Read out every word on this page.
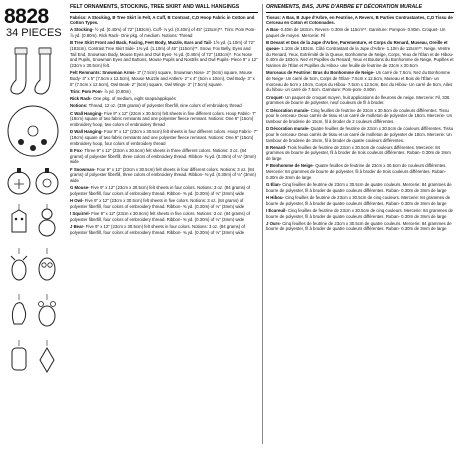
8828
34 PIECES
FELT ORNAMENTS, STOCKING, TREE SKIRT AND WALL HANGINGS
Fabrics: A Stocking, B Tree Skirt in Felt, A Cuff, B Contrast, C,D Hoop Fabric in Cotton and Cotton Types.
A Stocking- ½ yd. (0.40m) of 72" (183cm). Cuff- ⅛ yd. (0.40m) of 45" (115cm)**. Trim: Pom Pom- ⅞ yd. (0.80m). Rick Rack- One pkg. of medium. Notions: Thread
B Tree Skirt Front and Back, Facing, Feet Body, Muzzle, Ears and Tail- 1⅝ yd. (1.10m) of 72" (183cm). Contrast Tree Skirt Side- 1⅜ yd. (1.10m) of 45" (115cm)**. Snow, Fox Belly, Eyes and Tail End, Snowman Body, Mouse Eyes and Owl Eyes- ⅜ yd. (0.40m) of 72" (183cm)*. Fox Nose and Pupils, Snowman Eyes and Buttons, Mouse Pupils and Nostrils and Owl Pupils- Piece 9" x 12" (23cm x 30.5cm) felt.
Felt Remnants: Snowman Arms- 3" (7.5cm) square, Snowman Nose- 2" (5cm) square, Mouse Body- 3" x 5" (7.5cm x 12.5cm), Mouse Muzzle and Antlers- 2" x 4" (5cm x 10cm), Owl Body- 3" x 5" (7.5cm x 12.5cm), Owl Beak- 2" (5cm) square, Owl Wings- 3" (7.5cm) square.
Trim: Pom Pom- ⅞ yd. (0.80m)
Rick Rack- One pkg. of medium, eight snaps/appliqués
Notions: Thread, 12 oz. (336 grams) of polyester fiberfill, nine colors of embroidery thread
C Wall Hanging- Five 9" x 12" (23cm x 30.5cm) felt sheets in five different colors. Hoop Fabric- 7" (18cm) square of two fabric remnants and one polyester fleece remnant. Notions: One 6" (15cm) embroidery hoop, two colors of embroidery thread
D Wall Hanging- Four 9" x 12" (23cm x 30.5cm) felt sheets in four different colors. Hoop Fabric- 7" (18cm) square of two fabric remnants and one polyester fleece remnant. Notions: One 6" (15cm) embroidery hoop, four colors of embroidery thread
E Fox- Three 9" x 12" (23cm x 30.5cm) felt sheets in three different colors. Notions: 3 oz. (84 grams) of polyester fiberfill, three colors of embroidery thread. Ribbon- ⅜ yd. (0.30m) of ⅛" (3mm) wide
F Snowman- Four 9" x 12" (23cm x 30.5cm) felt sheets in four different colors. Notions: 3 oz. (84 grams) of polyester fiberfill, three colors of embroidery thread. Ribbon- ⅜ yd. (0.30m) of ⅛" (3mm) wide
G Mouse- Five 9" x 12" (23cm x 30.5cm) felt sheets in four colors. Notions: 3 oz. (84 grams) of polyester fiberfill, four colors of embroidery thread. Ribbon- ⅜ yd. (0.30m) of ⅛" (3mm) wide
H Owl- Five 9" x 12" (23cm x 30.5cm) felt sheets in five colors. Notions: 3 oz. (84 grams) of polyester fiberfill, four colors of embroidery thread. Ribbon- ⅜ yd. (0.30m) of ⅛" (3mm) wide
I Squirrel- Five 9" x 12" (23cm x 30.5cm) felt sheets in five colors. Notions: 3 oz. (84 grams) of polyester fiberfill, four colors of embroidery thread. Ribbon- ⅜ yd. (0.30m) of ⅛" (3mm) wide
J Bear- Five 9" x 12" (23cm x 30.5cm) felt sheets in four colors. Notions: 3 oz. (84 grams) of polyester fiberfill, four colors of embroidery thread. Ribbon- ⅜ yd. (0.30m) of ⅛" (3mm) wide
ORNEMENTS, BAS, JUPE D'ARBRE ET DÉCORATION MURALE
Tissus: A Bas, B Jupe d'Arbre, en Feutrine, A Revers, B Parties Contrastantes, C,D Tissu de Cerceau en Coton et Cotonnades.
A Bas- 0.40m de 183cm. Revers- 0.30m de 115cm**. Garniture: Pompon- 0.80m. Croquet- Un paquet de moyen. Mercerie: Fil
B Devant et Dos de la Jupe d'Arbre, Parementure, et Corps du Renard, Museau, Oreille et queue- 1.10m de 183cm. Côté Contrastant de la Jupe d'Arbre- 1.10m de 115cm**. Neige, Ventre du Renard, Yeux, Extrémité de la Queue, Bonhomme de Neige, Corps, Yeux de l'Élan et de Hibou- 0.40m de 183cm. Nez et Pupilles du Renard, Yeux et Boutons du Bonhomme de Neige, Pupilles et Narines de l'Élan et Pupilles du Hibou- une feuille de feutrine de 23cm x 30.5cm
Morceaux de Feutrine: Bras du Bonhomme de Neige- Un carré de 7.5cm, Nez du Bonhomme de Neige- Un carré de 5cm, Corps de l'Élan- 7.5cm x 12.5cm, Museau et Bois de l'Élan- un morceau de 5cm x 10cm, Corps du Hibou- 7.5cm x 12.5cm, Bec du Hibou- Un carré de 5cm, Ailes du hibou- un carré de 7.5cm. Garniture: Pom-pom- 0.80m
Croquet- Un paquet de croquet moyen, huit applications de fleurons de neige. Mercerie: Fil, 336 grammes de bourre de polyester, neuf couleurs de fil à broder.
C Décoration murale- Cinq feuilles de feutrine de 23cm x 30.5cm de couleurs différentes. Tissu pour le cerceau- Deux carrés de tissu et un carré de molleton de polyester de 18cm. Mercerie- Un tambour de broderie de 15cm, fil à broder de 2 couleurs différentes.
D Décoration murale- Quatre feuilles de feutrine de 23cm x 30.5cm de couleurs différentes. Tissu pour le cerceau- Deux carrés de tissu et un carré de molleton de polyester de 18cm. Mercerie: Un tambour de broderie de 15cm, fil à broder de quatre couleurs différentes.
E Renard- Trois feuilles de feutrine de 23cm x 30.5cm de couleurs différentes. Mercerie: 84 grammes de bourre de polyester, fil à broder de trois couleurs différentes. Ruban- 0.30m de 3mm de large
F Bonhomme de Neige- Quatre feuilles de feutrine de 23cm x 30.5cm de couleurs différentes. Mercerie: 84 grammes de bourre de polyester, fil à broder de trois couleurs différentes. Ruban- 0.30m de 3mm de large
G Élan- Cinq feuilles de feutrine de 23cm x 30.5cm de quatre couleurs. Mercerie: 84 grammes de bourre de polyester, fil à broder de quatre couleurs différentes. Ruban- 0.30m de 3mm de large
H Hibou- Cinq feuilles de feutrine de 23cm x 30.5cm de cinq couleurs. Mercerie: 84 grammes de bourre de polyester, fil à broder de quatre couleurs différentes. Ruban- 0.30m de 3mm de large
I Écureuil- Cinq feuilles de feutrine de 23cm x 30.5cm de cinq couleurs. Mercerie: 84 grammes de bourre de polyester, fil à broder de quatre couleurs différentes. Ruban- 0.30m de 3mm de large
J Ours- Cinq feuilles de feutrine de 23cm x 30.5cm de quatre couleurs. Mercerie: 84 grammes de bourre de polyester, fil à broder de quatre couleurs différentes. Ruban- 0.30m de 3mm de large
